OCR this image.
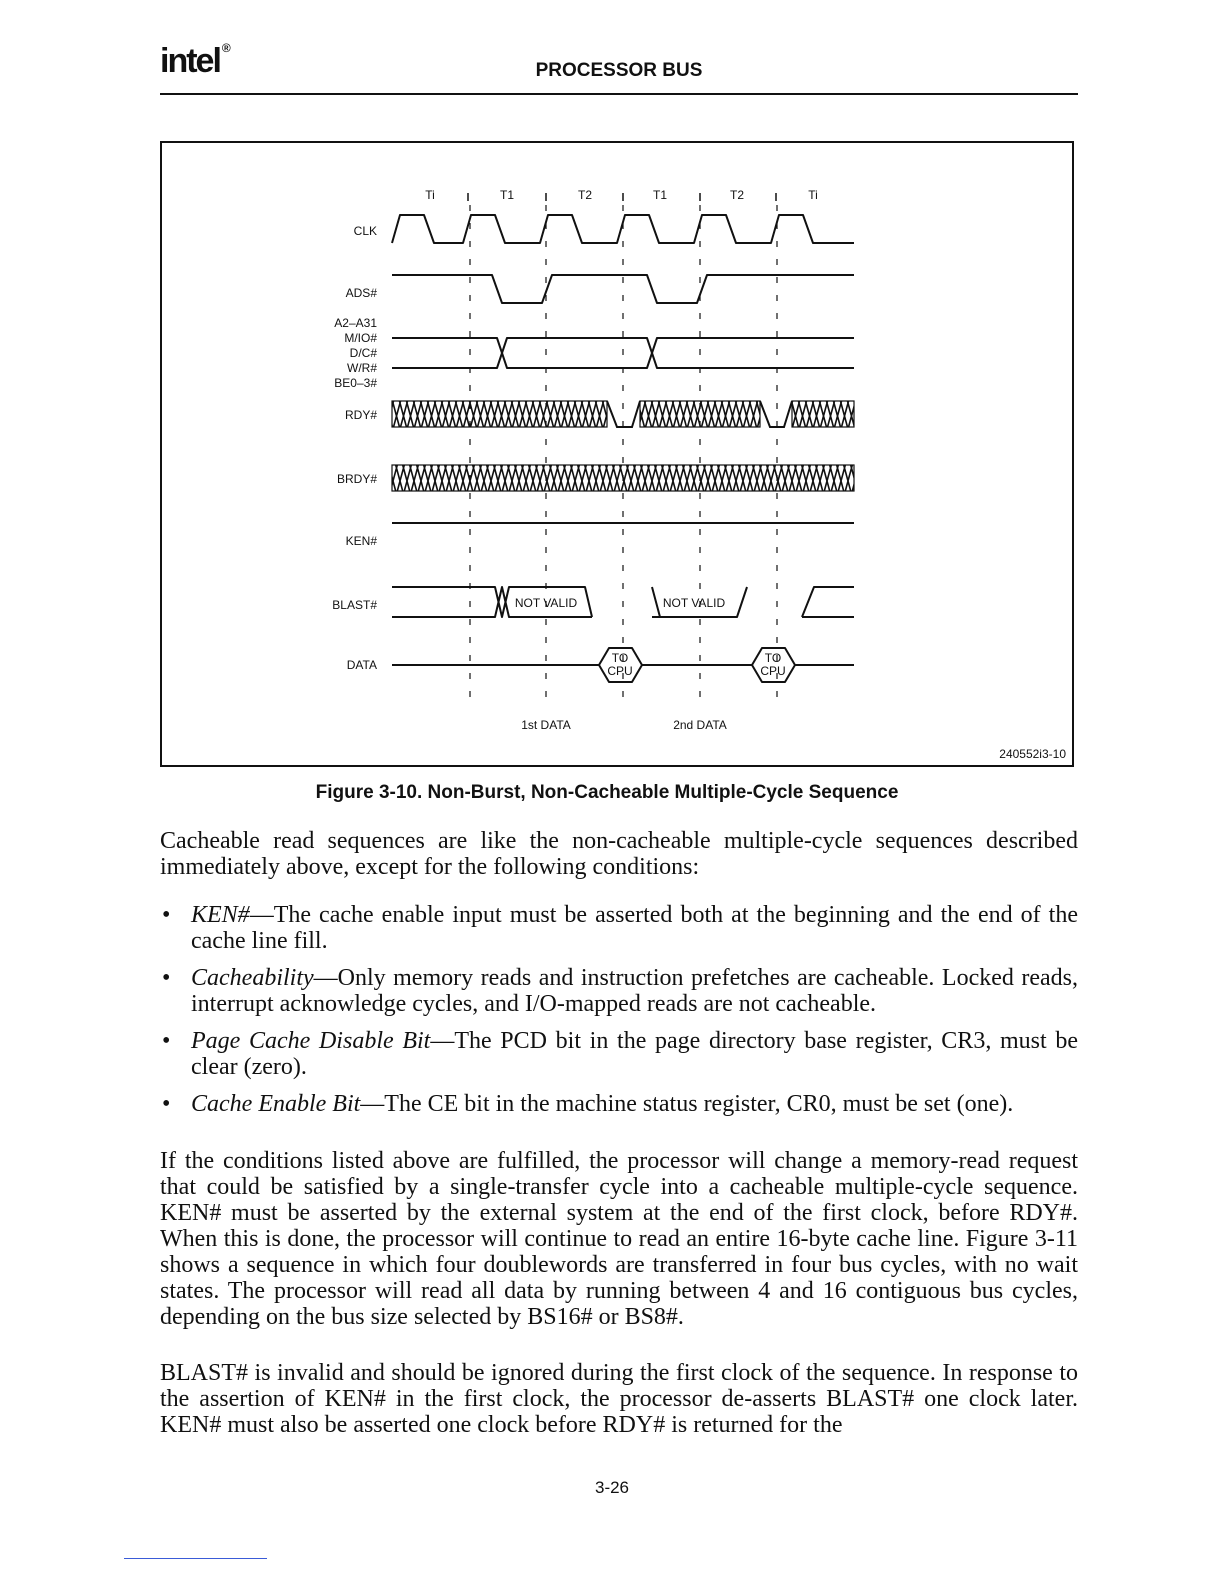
intel ®
PROCESSOR BUS
Ti	T1	T2	T1	T2	Ti
CLK
ADS#
A2–A31
M/IO#
D/C#
W/R#
BE0–3#
RDY#
BRDY#
KEN#
BLAST#
DATA
NOT VALID	NOT VALID
TO
CPU
TO
CPU
1st DATA	2nd DATA
240552i3-10
Figure 3-10. Non-Burst, Non-Cacheable Multiple-Cycle Sequence

Cacheable read sequences are like the non-cacheable multiple-cycle sequences described immediately above, except for the following conditions:

• KEN#—The cache enable input must be asserted both at the beginning and the end of the cache line fill.
• Cacheability—Only memory reads and instruction prefetches are cacheable. Locked reads, interrupt acknowledge cycles, and I/O-mapped reads are not cacheable.
• Page Cache Disable Bit—The PCD bit in the page directory base register, CR3, must be clear (zero).
• Cache Enable Bit—The CE bit in the machine status register, CR0, must be set (one).

If the conditions listed above are fulfilled, the processor will change a memory-read request that could be satisfied by a single-transfer cycle into a cacheable multiple-cycle sequence. KEN# must be asserted by the external system at the end of the first clock, before RDY#. When this is done, the processor will continue to read an entire 16-byte cache line. Figure 3-11 shows a sequence in which four doublewords are transferred in four bus cycles, with no wait states. The processor will read all data by running between 4 and 16 contiguous bus cycles, depending on the bus size selected by BS16# or BS8#.

BLAST# is invalid and should be ignored during the first clock of the sequence. In response to the assertion of KEN# in the first clock, the processor de-asserts BLAST# one clock later. KEN# must also be asserted one clock before RDY# is returned for the

3-26
